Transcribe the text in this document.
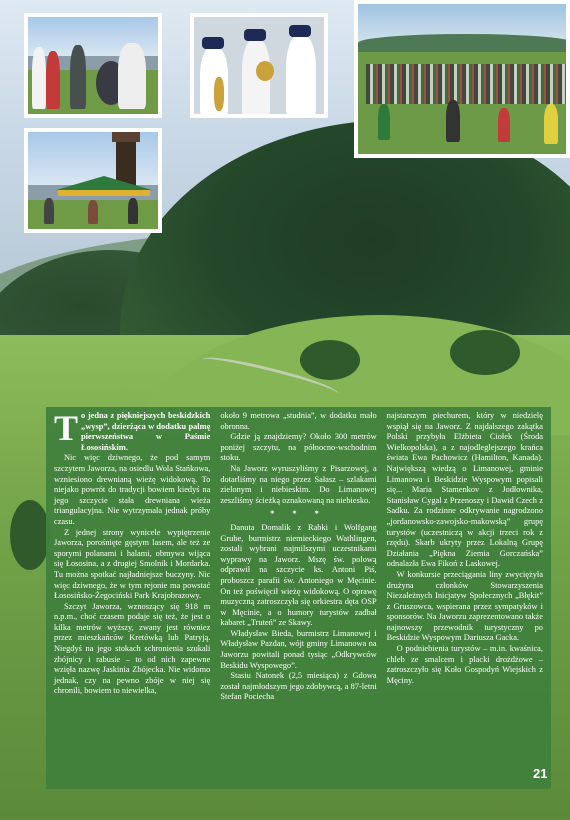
To jedna z piękniejszych beskidzkich „wysp”, dzierżąca w dodatku palmę pierwszeństwa w Paśmie Łososińskim.

Nic więc dziwnego, że pod samym szczytem Jaworza, na osiedlu Wola Stańkowa, wzniesiono drewnianą wieżę widokową. To niejako powrót do tradycji bowiem kiedyś na jego szczycie stała drewniana wieża triangulacyjna. Nie wytrzymała jednak próby czasu.

Z jednej strony wynicele wypiętrzenie Jaworza, porośnięte gęstym lasem, ale też ze sporymi polanami i halami, obmywa wijąca się Łososina, a z drugiej Smolnik i Mordarka. Tu można spotkać najładniejsze buczyny. Nic więc dziwnego, że w tym rejonie ma powstać Łososińsko-Żegociński Park Krajobrazowy.

Szczyt Jaworza, wznoszący się 918 m n.p.m., choć czasem podaje się też, że jest o kilka metrów wyższy, zwany jest równiez przez mieszkańców Kretówką lub Patryją. Niegdyś na jego stokach schronienia szukali zbójnicy i rabusie – to od nich zapewne wzięła nazwę Jaskinia Zbójecka. Nie widomo jednak, czy na pewno zbóje w niej się chronili, bowiem to niewielka,

około 9 metrowa „studnia”, w dodatku mało obronna.

Gdzie ją znajdziemy? Około 300 metrów poniżej szczytu, na północno-wschodnim stoku.

Na Jaworz wyruszyliśmy z Pisarzowej, a dotarliśmy na niego przez Sałasz – szlakami zielonym i niebieskim. Do Limanowej zeszliśmy ścieżką oznakowaną na niebiesko.

* * *

Danuta Domalik z Rabki i Wolfgang Grube, burmistrz niemieckiego Wathlingen, zostali wybrani najmilszymi uczestnikami wyprawy na Jaworz. Mszę św. polową odprawił na szczycie ks. Antoni Piś, proboszcz parafii św. Antoniego w Męcinie. On też poświęcił wieżę widokową. O oprawę muzyczną zatroszczyła się orkiestra dęta OSP w Męcinie, a o humory turystów zadbał kabaret „Truteń” ze Skawy.

Władysław Bieda, burmistrz Limanowej i Władysław Pazdan, wójt gminy Limanowa na Jaworzu powitali ponad tysiąc „Odkrywców Beskidu Wyspowego”.

Stasiu Natonek (2,5 miesiąca) z Gdowa został najmłodszym jego zdobywcą, a 87-letni Stefan Pociecha

najstarszym piechurem, który w niedzielę wspiął się na Jaworz. Z najdalszego zakątka Polski przybyła Elżbieta Ciołek (Środa Wielkopolska), a z najodleglejszego krańca świata Ewa Pachowicz (Hamilton, Kanada). Największą wiedzą o Limanowej, gminie Limanowa i Beskidzie Wyspowym popisali się... Maria Stamenkov z Jodłownika, Stanisław Cygal z Przenoszy i Dawid Czech z Sadku. Za rodzinne odkrywanie nagrodzono „jordanowsko-zawojsko-makowską” grupę turystów (uczestniczą w akcji trzeci rok z rzędu). Skarb ukryty przez Lokalną Grupę Działania „Piękna Ziemia Gorczańska” odnalazła Ewa Fikoń z Laskowej.

W konkursie przeciągania liny zwyciężyła drużyna członków Stowarzyszenia Niezależnych Inicjatyw Społecznych „Błękit” z Gruszowca, wspierana przez sympatyków i sponsorów. Na Jaworzu zaprezentowano także najnowszy przewodnik turystyczny po Beskidzie Wyspowym Dariusza Gacka.

O podniebienia turystów – m.in. kwaśnica, chleb ze smalcem i placki drożdżowe – zatroszczyło się Koło Gospodyń Wiejskich z Męciny.

21
